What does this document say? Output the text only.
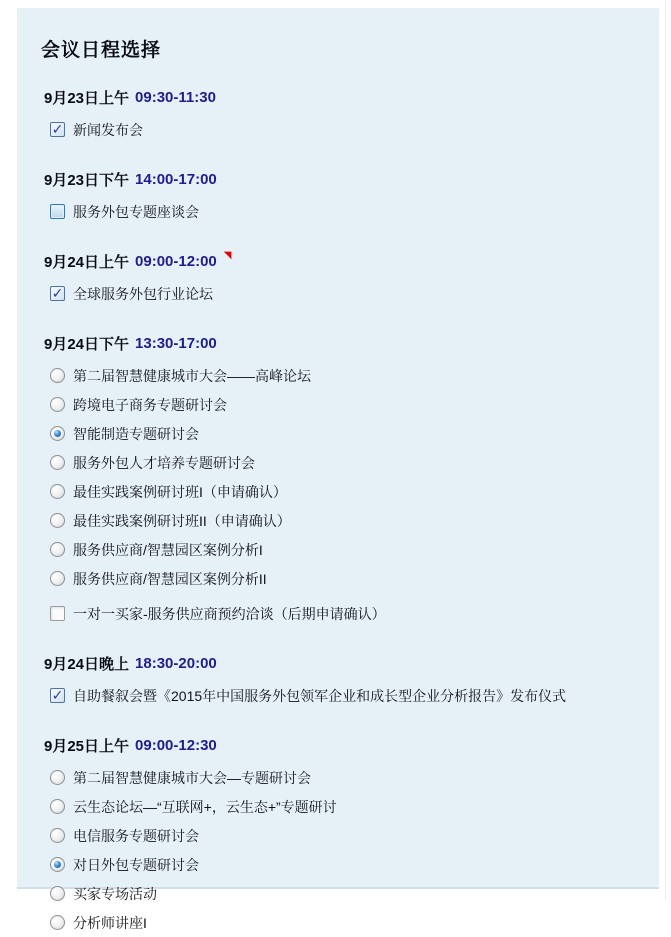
会议日程选择
9月23日上午 09:30-11:30
✓ 新闻发布会
9月23日下午 14:00-17:00
服务外包专题座谈会
9月24日上午 09:00-12:00 ◥
✓ 全球服务外包行业论坛
9月24日下午 13:30-17:00
第二届智慧健康城市大会——高峰论坛
跨境电子商务专题研讨会
智能制造专题研讨会
服务外包人才培养专题研讨会
最佳实践案例研讨班I（申请确认）
最佳实践案例研讨班II（申请确认）
服务供应商/智慧园区案例分析I
服务供应商/智慧园区案例分析II
一对一买家-服务供应商预约洽谈（后期申请确认）
9月24日晚上 18:30-20:00
✓ 自助餐叙会暨《2015年中国服务外包领军企业和成长型企业分析报告》发布仪式
9月25日上午 09:00-12:30
第二届智慧健康城市大会—专题研讨会
云生态论坛—“互联网+，云生态+”专题研讨
电信服务专题研讨会
对日外包专题研讨会
买家专场活动
分析师讲座I
